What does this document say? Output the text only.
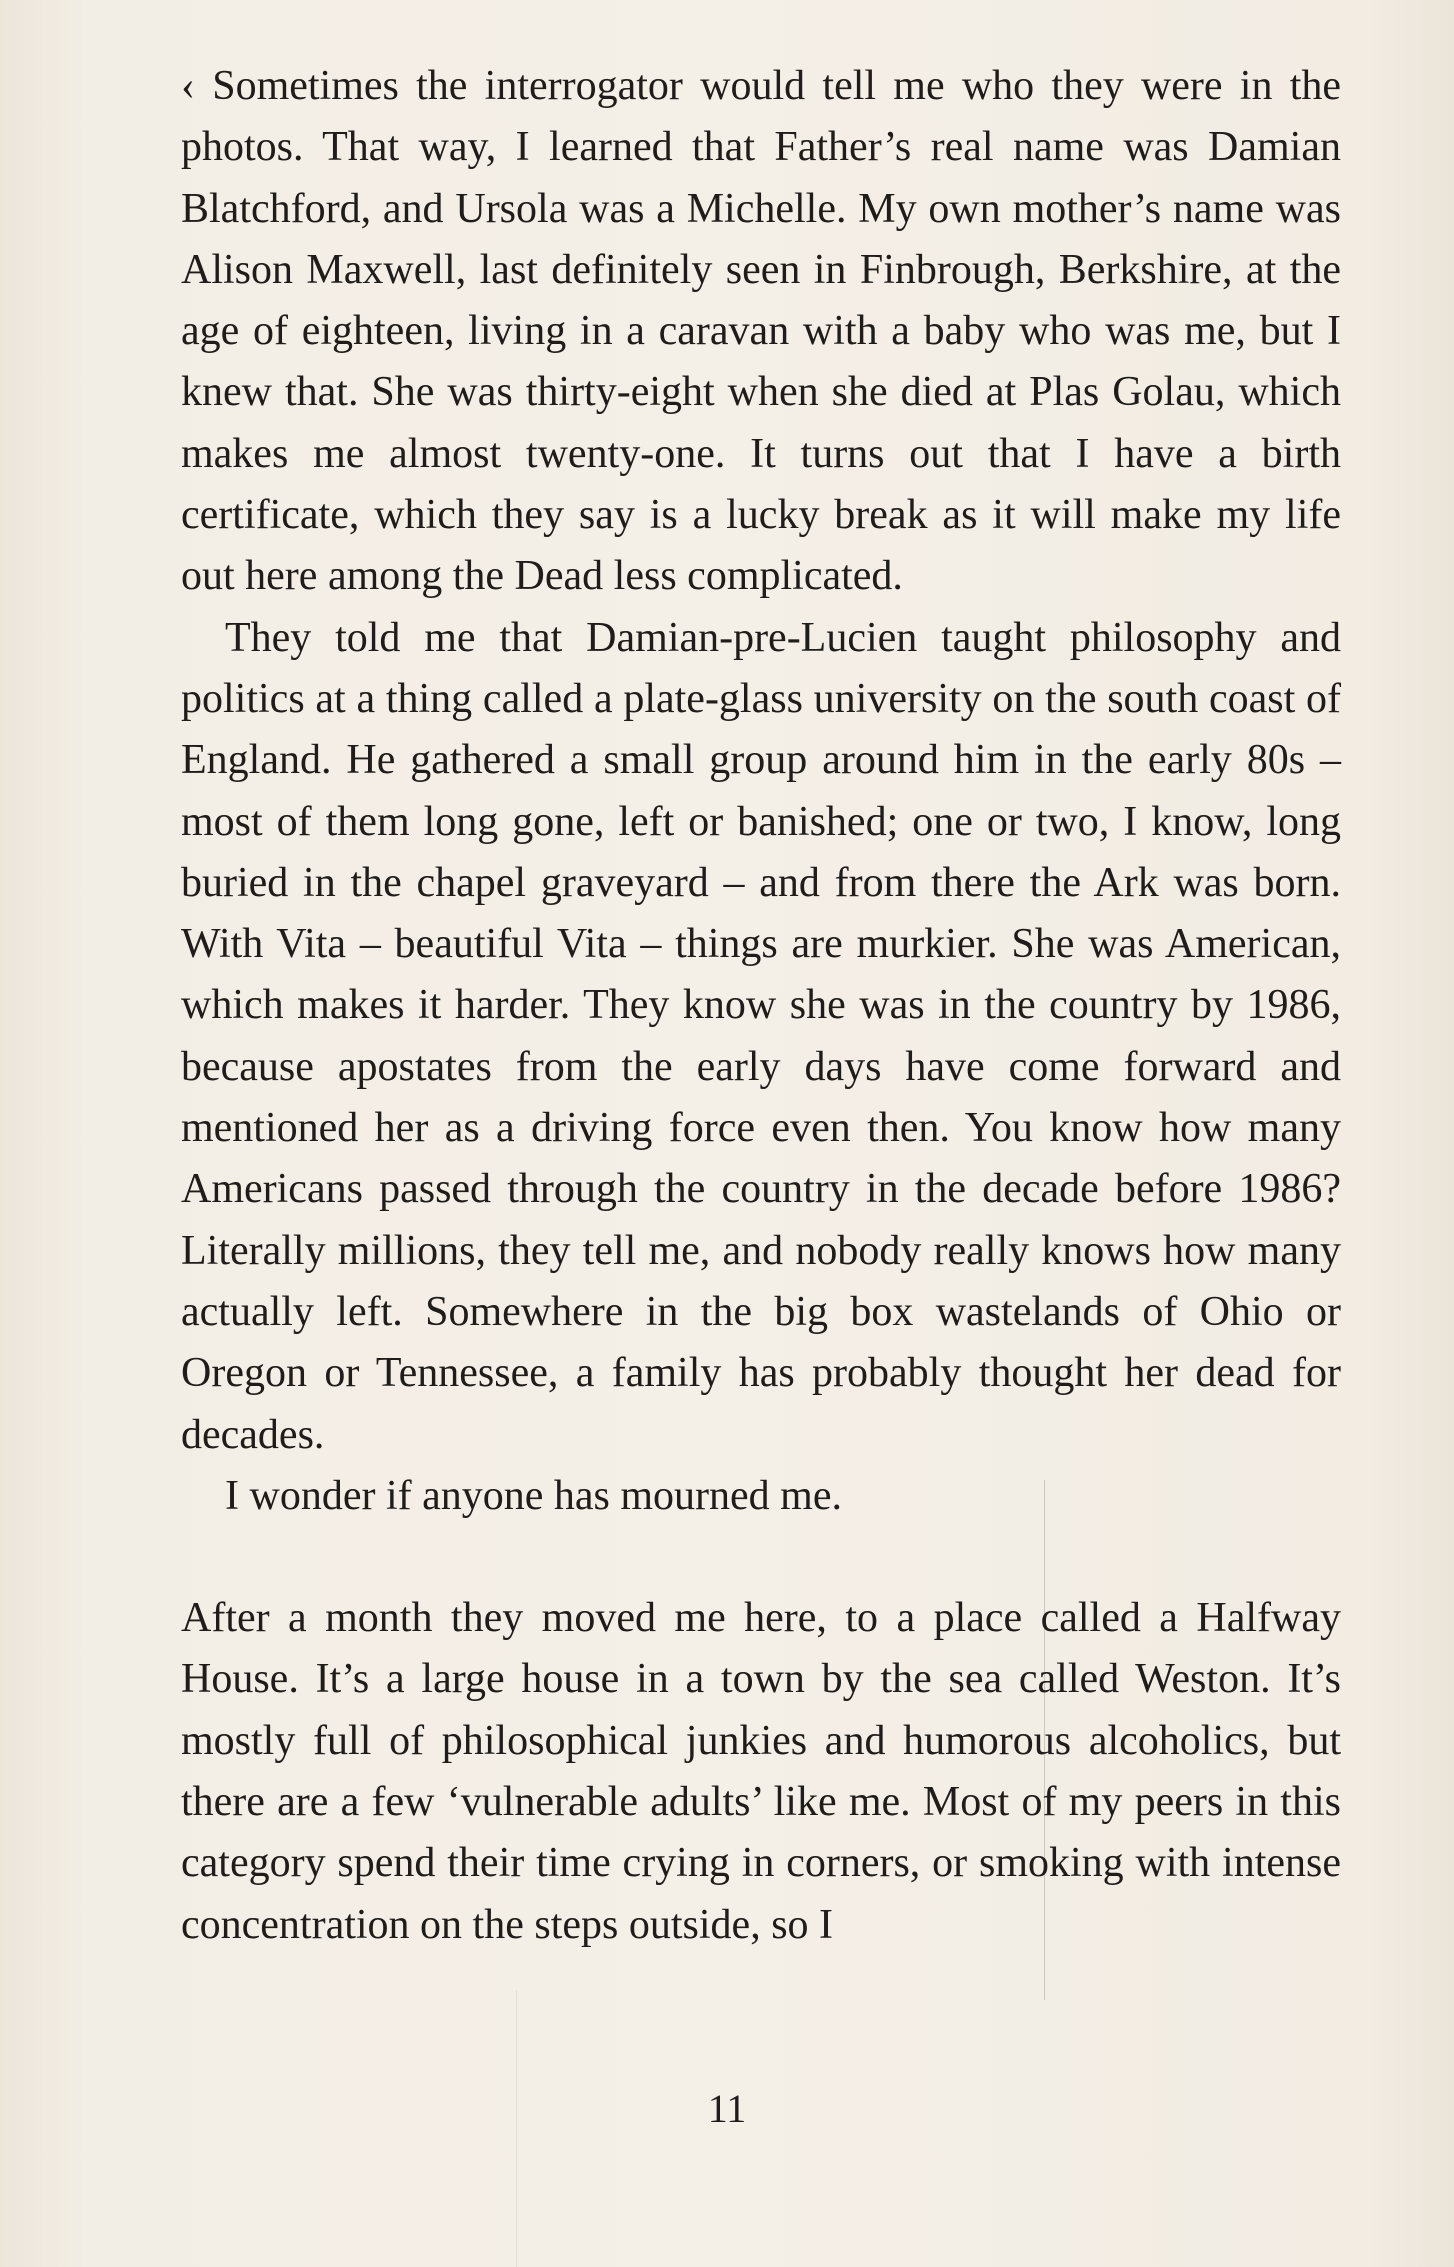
‹ Sometimes the interrogator would tell me who they were in the photos. That way, I learned that Father’s real name was Damian Blatchford, and Ursola was a Michelle. My own mother’s name was Alison Maxwell, last definitely seen in Finbrough, Berkshire, at the age of eighteen, living in a caravan with a baby who was me, but I knew that. She was thirty-eight when she died at Plas Golau, which makes me almost twenty-one. It turns out that I have a birth certificate, which they say is a lucky break as it will make my life out here among the Dead less complicated.

They told me that Damian-pre-Lucien taught philosophy and politics at a thing called a plate-glass university on the south coast of England. He gathered a small group around him in the early 80s – most of them long gone, left or banished; one or two, I know, long buried in the chapel graveyard – and from there the Ark was born. With Vita – beautiful Vita – things are murkier. She was American, which makes it harder. They know she was in the country by 1986, because apostates from the early days have come forward and mentioned her as a driving force even then. You know how many Americans passed through the country in the decade before 1986? Literally millions, they tell me, and nobody really knows how many actually left. Somewhere in the big box wastelands of Ohio or Oregon or Tennessee, a family has probably thought her dead for decades.

I wonder if anyone has mourned me.

After a month they moved me here, to a place called a Halfway House. It’s a large house in a town by the sea called Weston. It’s mostly full of philosophical junkies and humorous alcoholics, but there are a few ‘vulnerable adults’ like me. Most of my peers in this category spend their time crying in corners, or smoking with intense concentration on the steps outside, so I

11
